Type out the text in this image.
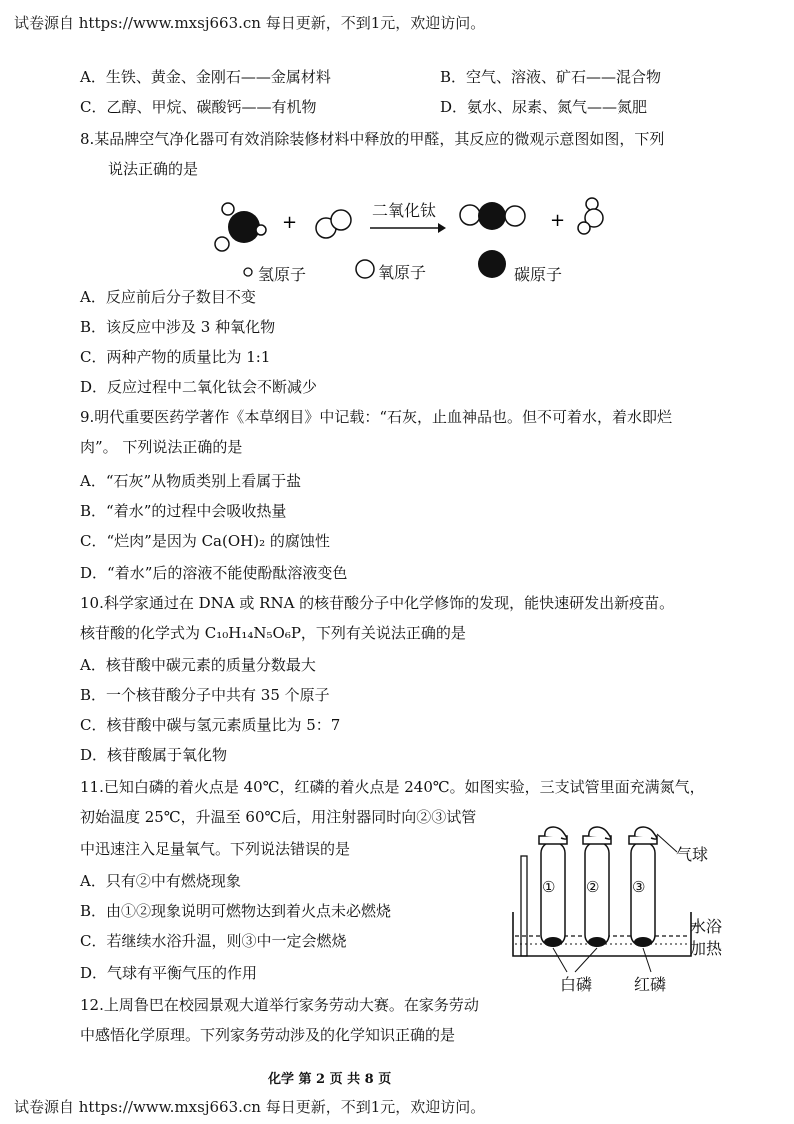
试卷源自 https://www.mxsj663.cn 每日更新，不到1元，欢迎访问。
A．生铁、黄金、金刚石——金属材料	B．空气、溶液、矿石——混合物
C．乙醇、甲烷、碳酸钙——有机物	D．氨水、尿素、氮气——氮肥
8.某品牌空气净化器可有效消除装修材料中释放的甲醛，其反应的微观示意图如图，下列
说法正确的是
+	+
二氧化钛
氢原子	氧原子	碳原子
A．反应前后分子数目不变
B．该反应中涉及 3 种氧化物
C．两种产物的质量比为 1:1
D．反应过程中二氧化钛会不断减少
9.明代重要医药学著作《本草纲目》中记载：“石灰，止血神品也。但不可着水，着水即烂
肉”。 下列说法正确的是
A．“石灰”从物质类别上看属于盐
B．“着水”的过程中会吸收热量
C．“烂肉”是因为 Ca(OH)₂ 的腐蚀性
D．“着水”后的溶液不能使酚酞溶液变色
10.科学家通过在 DNA 或 RNA 的核苷酸分子中化学修饰的发现，能快速研发出新疫苗。
核苷酸的化学式为 C₁₀H₁₄N₅O₆P，下列有关说法正确的是
A．核苷酸中碳元素的质量分数最大
B．一个核苷酸分子中共有 35 个原子
C．核苷酸中碳与氢元素质量比为 5：7
D．核苷酸属于氧化物
11.已知白磷的着火点是 40℃，红磷的着火点是 240℃。如图实验，三支试管里面充满氮气，
初始温度 25℃，升温至 60℃后，用注射器同时向②③试管
中迅速注入足量氧气。下列说法错误的是
A．只有②中有燃烧现象
B．由①②现象说明可燃物达到着火点未必燃烧
C．若继续水浴升温，则③中一定会燃烧
D．气球有平衡气压的作用
① ② ③
气球
水浴
加热
白磷	红磷
12.上周鲁巴在校园景观大道举行家务劳动大赛。在家务劳动
中感悟化学原理。下列家务劳动涉及的化学知识正确的是
化学 第 2 页 共 8 页
试卷源自 https://www.mxsj663.cn 每日更新，不到1元，欢迎访问。
